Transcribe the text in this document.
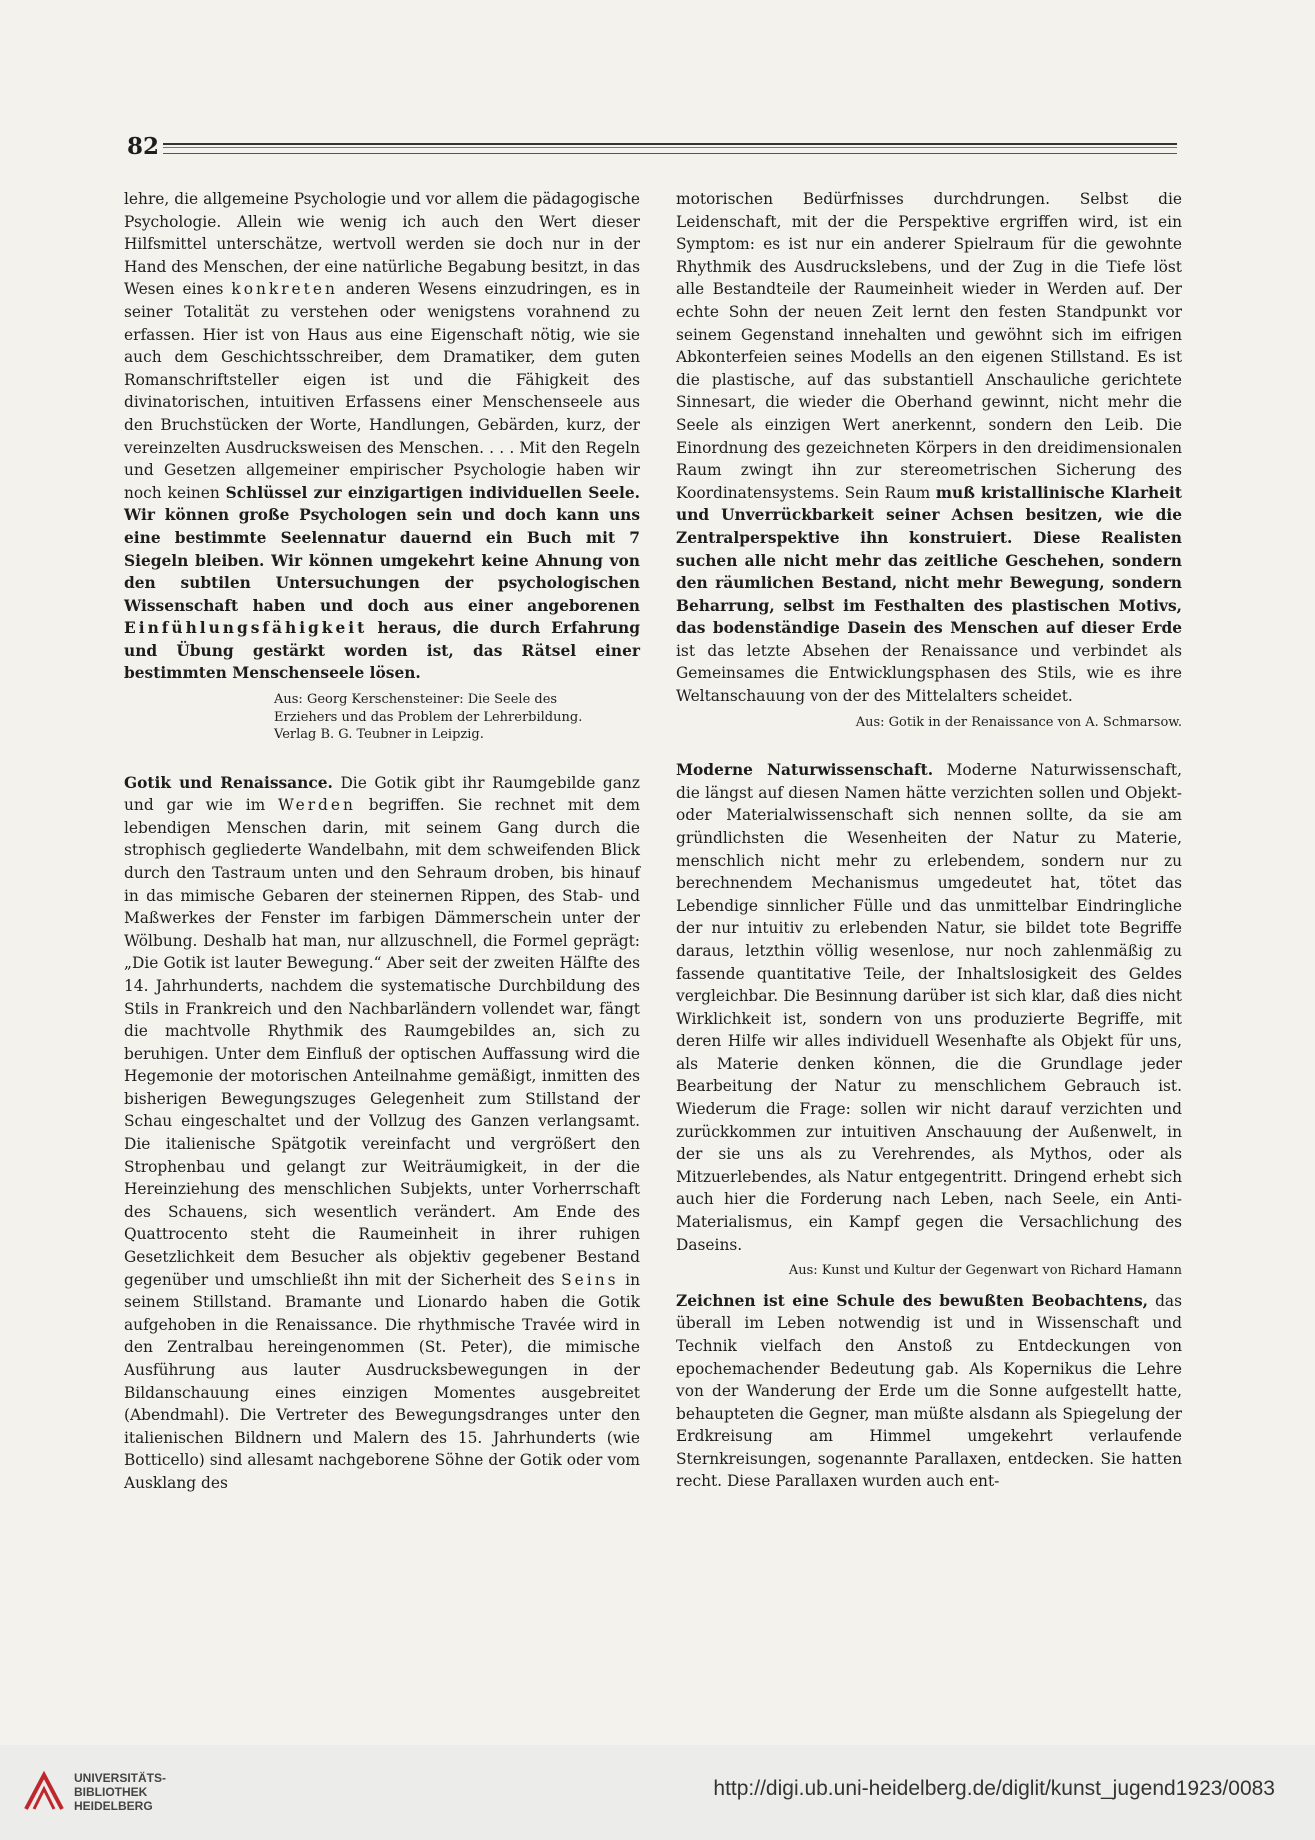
82

lehre, die allgemeine Psychologie und vor allem die pädagogische Psychologie. Allein wie wenig ich auch den Wert dieser Hilfsmittel unterschätze, wertvoll werden sie doch nur in der Hand des Menschen, der eine natürliche Begabung besitzt, in das Wesen eines konkreten anderen Wesens einzudringen, es in seiner Totalität zu verstehen oder wenigstens vorahnend zu erfassen. Hier ist von Haus aus eine Eigenschaft nötig, wie sie auch dem Geschichtsschreiber, dem Dramatiker, dem guten Romanschriftsteller eigen ist und die Fähigkeit des divinatorischen, intuitiven Erfassens einer Menschenseele aus den Bruchstücken der Worte, Handlungen, Gebärden, kurz, der vereinzelten Ausdrucksweisen des Menschen. . . . Mit den Regeln und Gesetzen allgemeiner empirischer Psychologie haben wir noch keinen Schlüssel zur einzigartigen individuellen Seele. Wir können große Psychologen sein und doch kann uns eine bestimmte Seelennatur dauernd ein Buch mit 7 Siegeln bleiben. Wir können umgekehrt keine Ahnung von den subtilen Untersuchungen der psychologischen Wissenschaft haben und doch aus einer angeborenen Einfühlungsfähigkeit heraus, die durch Erfahrung und Übung gestärkt worden ist, das Rätsel einer bestimmten Menschenseele lösen.

Aus: Georg Kerschensteiner: Die Seele des
Erziehers und das Problem der Lehrerbildung.
Verlag B. G. Teubner in Leipzig.

Gotik und Renaissance. Die Gotik gibt ihr Raumgebilde ganz und gar wie im Werden begriffen. Sie rechnet mit dem lebendigen Menschen darin, mit seinem Gang durch die strophisch gegliederte Wandelbahn, mit dem schweifenden Blick durch den Tastraum unten und den Sehraum droben, bis hinauf in das mimische Gebaren der steinernen Rippen, des Stab- und Maßwerkes der Fenster im farbigen Dämmerschein unter der Wölbung. Deshalb hat man, nur allzuschnell, die Formel geprägt: „Die Gotik ist lauter Bewegung.“ Aber seit der zweiten Hälfte des 14. Jahrhunderts, nachdem die systematische Durchbildung des Stils in Frankreich und den Nachbarländern vollendet war, fängt die machtvolle Rhythmik des Raumgebildes an, sich zu beruhigen. Unter dem Einfluß der optischen Auffassung wird die Hegemonie der motorischen Anteilnahme gemäßigt, inmitten des bisherigen Bewegungszuges Gelegenheit zum Stillstand der Schau eingeschaltet und der Vollzug des Ganzen verlangsamt. Die italienische Spätgotik vereinfacht und vergrößert den Strophenbau und gelangt zur Weiträumigkeit, in der die Hereinziehung des menschlichen Subjekts, unter Vorherrschaft des Schauens, sich wesentlich verändert. Am Ende des Quattrocento steht die Raumeinheit in ihrer ruhigen Gesetzlichkeit dem Besucher als objektiv gegebener Bestand gegenüber und umschließt ihn mit der Sicherheit des Seins in seinem Stillstand. Bramante und Lionardo haben die Gotik aufgehoben in die Renaissance. Die rhythmische Travée wird in den Zentralbau hereingenommen (St. Peter), die mimische Ausführung aus lauter Ausdrucksbewegungen in der Bildanschauung eines einzigen Momentes ausgebreitet (Abendmahl). Die Vertreter des Bewegungsdranges unter den italienischen Bildnern und Malern des 15. Jahrhunderts (wie Botticello) sind allesamt nachgeborene Söhne der Gotik oder vom Ausklang des

motorischen Bedürfnisses durchdrungen. Selbst die Leidenschaft, mit der die Perspektive ergriffen wird, ist ein Symptom: es ist nur ein anderer Spielraum für die gewohnte Rhythmik des Ausdruckslebens, und der Zug in die Tiefe löst alle Bestandteile der Raumeinheit wieder in Werden auf. Der echte Sohn der neuen Zeit lernt den festen Standpunkt vor seinem Gegenstand innehalten und gewöhnt sich im eifrigen Abkonterfeien seines Modells an den eigenen Stillstand. Es ist die plastische, auf das substantiell Anschauliche gerichtete Sinnesart, die wieder die Oberhand gewinnt, nicht mehr die Seele als einzigen Wert anerkennt, sondern den Leib. Die Einordnung des gezeichneten Körpers in den dreidimensionalen Raum zwingt ihn zur stereometrischen Sicherung des Koordinatensystems. Sein Raum muß kristallinische Klarheit und Unverrückbarkeit seiner Achsen besitzen, wie die Zentralperspektive ihn konstruiert. Diese Realisten suchen alle nicht mehr das zeitliche Geschehen, sondern den räumlichen Bestand, nicht mehr Bewegung, sondern Beharrung, selbst im Festhalten des plastischen Motivs, das bodenständige Dasein des Menschen auf dieser Erde ist das letzte Absehen der Renaissance und verbindet als Gemeinsames die Entwicklungsphasen des Stils, wie es ihre Weltanschauung von der des Mittelalters scheidet.

Aus: Gotik in der Renaissance von A. Schmarsow.

Moderne Naturwissenschaft. Moderne Naturwissenschaft, die längst auf diesen Namen hätte verzichten sollen und Objekt- oder Materialwissenschaft sich nennen sollte, da sie am gründlichsten die Wesenheiten der Natur zu Materie, menschlich nicht mehr zu erlebendem, sondern nur zu berechnendem Mechanismus umgedeutet hat, tötet das Lebendige sinnlicher Fülle und das unmittelbar Eindringliche der nur intuitiv zu erlebenden Natur, sie bildet tote Begriffe daraus, letzthin völlig wesenlose, nur noch zahlenmäßig zu fassende quantitative Teile, der Inhaltslosigkeit des Geldes vergleichbar. Die Besinnung darüber ist sich klar, daß dies nicht Wirklichkeit ist, sondern von uns produzierte Begriffe, mit deren Hilfe wir alles individuell Wesenhafte als Objekt für uns, als Materie denken können, die die Grundlage jeder Bearbeitung der Natur zu menschlichem Gebrauch ist. Wiederum die Frage: sollen wir nicht darauf verzichten und zurückkommen zur intuitiven Anschauung der Außenwelt, in der sie uns als zu Verehrendes, als Mythos, oder als Mitzuerlebendes, als Natur entgegentritt. Dringend erhebt sich auch hier die Forderung nach Leben, nach Seele, ein Anti-Materialismus, ein Kampf gegen die Versachlichung des Daseins.

Aus: Kunst und Kultur der Gegenwart von Richard Hamann

Zeichnen ist eine Schule des bewußten Beobachtens, das überall im Leben notwendig ist und in Wissenschaft und Technik vielfach den Anstoß zu Entdeckungen von epochemachender Bedeutung gab. Als Kopernikus die Lehre von der Wanderung der Erde um die Sonne aufgestellt hatte, behaupteten die Gegner, man müßte alsdann als Spiegelung der Erdkreisung am Himmel umgekehrt verlaufende Sternkreisungen, sogenannte Parallaxen, entdecken. Sie hatten recht. Diese Parallaxen wurden auch ent-

UNIVERSITÄTS-
BIBLIOTHEK
HEIDELBERG
http://digi.ub.uni-heidelberg.de/diglit/kunst_jugend1923/0083
